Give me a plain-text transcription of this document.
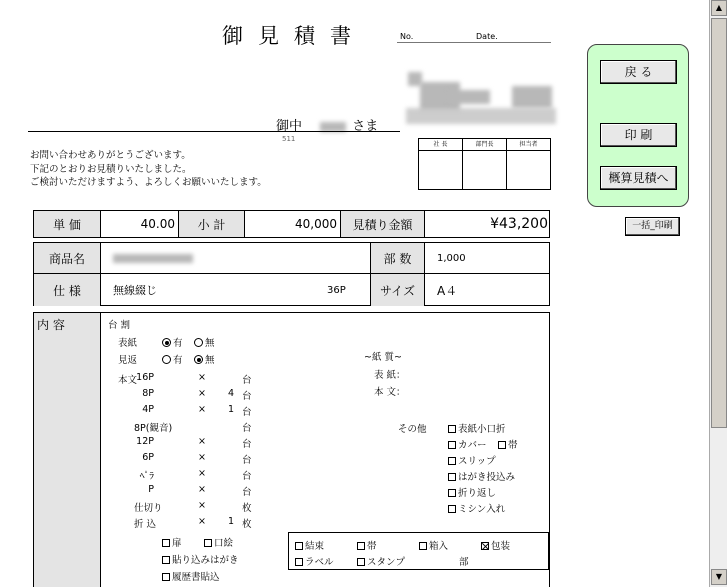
御見積書	No.	Date.
御中	さま
511
お問い合わせありがとうございます。
下記のとおりお見積りいたしました。
ご検討いただけますよう、よろしくお願いいたします。
社 長	部門長	担当者
単 価	40.00	小 計	40,000	見積り金額	¥43,200
商品名	部 数	1,000
仕 様	無線綴じ	36P	サイズ	A４
内 容	台 割
表紙	有	無
見返	有	無
本文 16P	×	台
8P	×	4 台
4P	×	1 台
8P(観音)	台
12P	×	台
6P	×	台
ﾍﾟﾗ	×	台
P	×	台
仕切り	×	枚
折 込	×	1 枚
扉	口絵
貼り込みはがき
履歴書貼込
~紙 質~
表 紙：
本 文：
その他	表紙小口折
カバー	帯
スリップ
はがき投込み
折り返し
ミシン入れ
結束	帯	箱入	包装
ラベル	スタンプ	部
戻 る
印 刷
概算見積へ
一括_印刷
▲
▼
